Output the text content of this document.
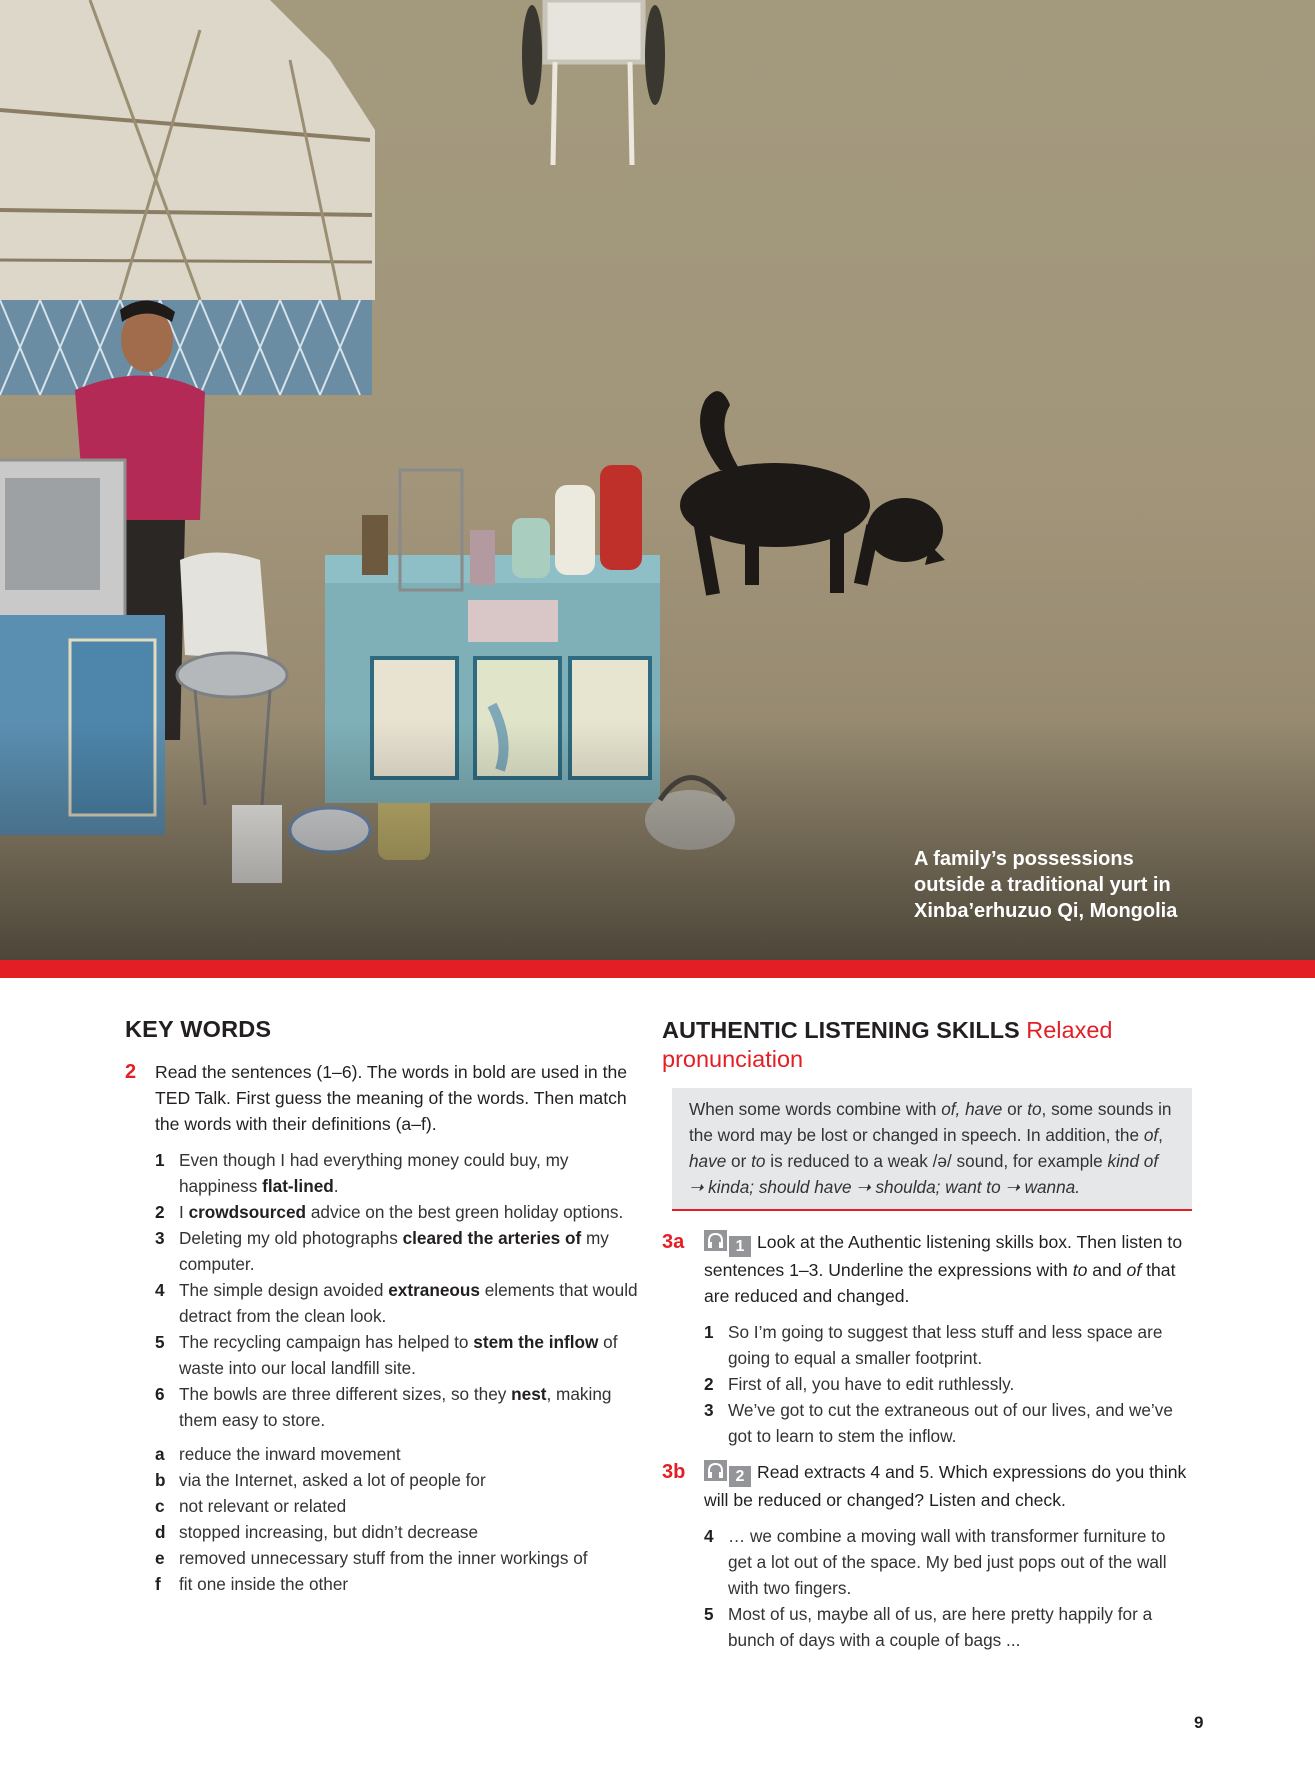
A family’s possessions
outside a traditional yurt in
Xinba’erhuzuo Qi, Mongolia
KEY WORDS
2 Read the sentences (1–6). The words in bold are used in the TED Talk. First guess the meaning of the words. Then match the words with their definitions (a–f).
1 Even though I had everything money could buy, my happiness flat-lined.
2 I crowdsourced advice on the best green holiday options.
3 Deleting my old photographs cleared the arteries of my computer.
4 The simple design avoided extraneous elements that would detract from the clean look.
5 The recycling campaign has helped to stem the inflow of waste into our local landfill site.
6 The bowls are three different sizes, so they nest, making them easy to store.
a reduce the inward movement
b via the Internet, asked a lot of people for
c not relevant or related
d stopped increasing, but didn’t decrease
e removed unnecessary stuff from the inner workings of
f fit one inside the other
AUTHENTIC LISTENING SKILLS Relaxed pronunciation
When some words combine with of, have or to, some sounds in the word may be lost or changed in speech. In addition, the of, have or to is reduced to a weak /ə/ sound, for example kind of ➝ kinda; should have ➝ shoulda; want to ➝ wanna.
3a	1 Look at the Authentic listening skills box. Then listen to sentences 1–3. Underline the expressions with to and of that are reduced and changed.
1 So I’m going to suggest that less stuff and less space are going to equal a smaller footprint.
2 First of all, you have to edit ruthlessly.
3 We’ve got to cut the extraneous out of our lives, and we’ve got to learn to stem the inflow.
3b	2 Read extracts 4 and 5. Which expressions do you think will be reduced or changed? Listen and check.
4 … we combine a moving wall with transformer furniture to get a lot out of the space. My bed just pops out of the wall with two fingers.
5 Most of us, maybe all of us, are here pretty happily for a bunch of days with a couple of bags ...
9
